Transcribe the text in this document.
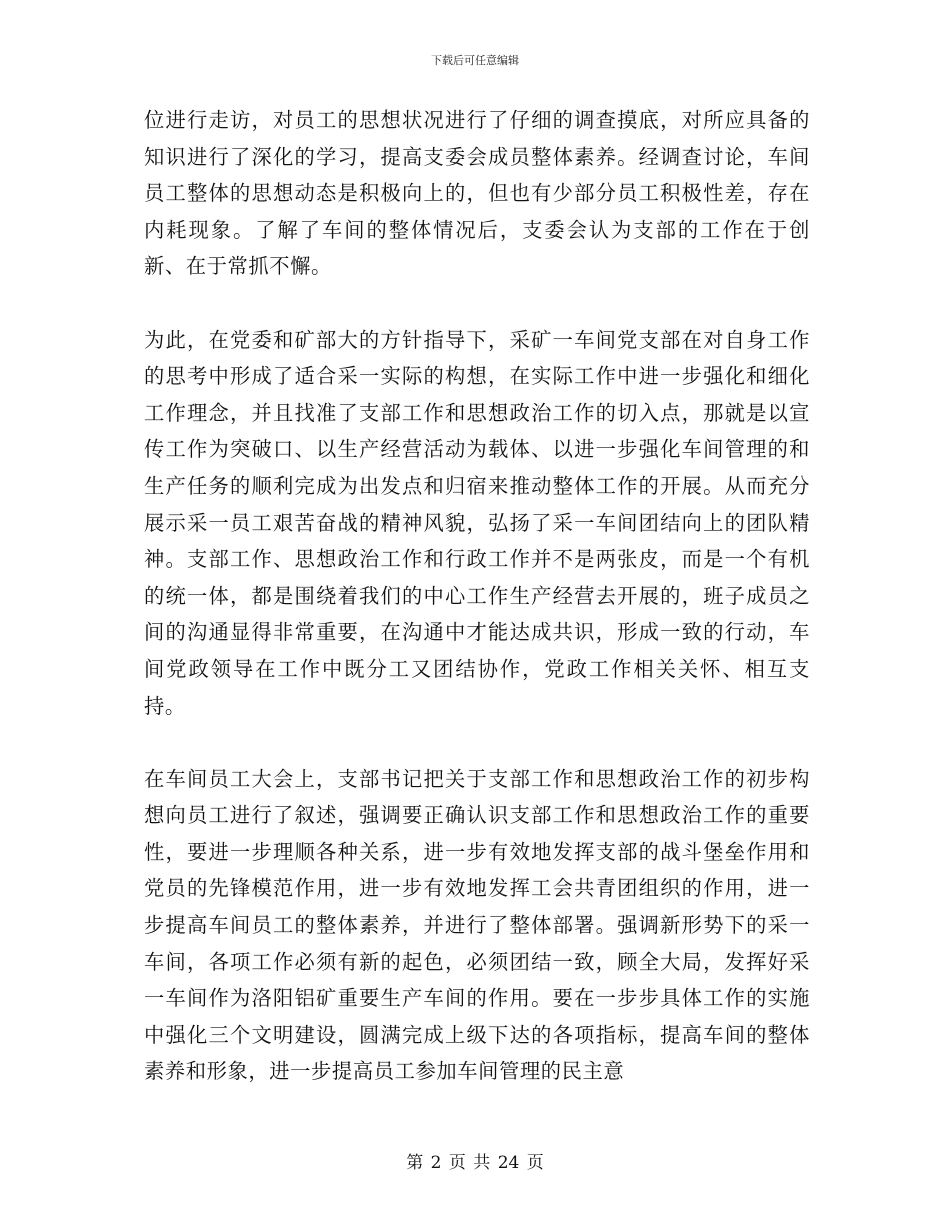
下载后可任意编辑

位进行走访，对员工的思想状况进行了仔细的调查摸底，对所应具备的知识进行了深化的学习，提高支委会成员整体素养。经调查讨论，车间员工整体的思想动态是积极向上的，但也有少部分员工积极性差，存在内耗现象。了解了车间的整体情况后，支委会认为支部的工作在于创新、在于常抓不懈。

为此，在党委和矿部大的方针指导下，采矿一车间党支部在对自身工作的思考中形成了适合采一实际的构想，在实际工作中进一步强化和细化工作理念，并且找准了支部工作和思想政治工作的切入点，那就是以宣传工作为突破口、以生产经营活动为载体、以进一步强化车间管理的和生产任务的顺利完成为出发点和归宿来推动整体工作的开展。从而充分展示采一员工艰苦奋战的精神风貌，弘扬了采一车间团结向上的团队精神。支部工作、思想政治工作和行政工作并不是两张皮，而是一个有机的统一体，都是围绕着我们的中心工作生产经营去开展的，班子成员之间的沟通显得非常重要，在沟通中才能达成共识，形成一致的行动，车间党政领导在工作中既分工又团结协作，党政工作相关关怀、相互支持。

在车间员工大会上，支部书记把关于支部工作和思想政治工作的初步构想向员工进行了叙述，强调要正确认识支部工作和思想政治工作的重要性，要进一步理顺各种关系，进一步有效地发挥支部的战斗堡垒作用和党员的先锋模范作用，进一步有效地发挥工会共青团组织的作用，进一步提高车间员工的整体素养，并进行了整体部署。强调新形势下的采一车间，各项工作必须有新的起色，必须团结一致，顾全大局，发挥好采一车间作为洛阳铝矿重要生产车间的作用。要在一步步具体工作的实施中强化三个文明建设，圆满完成上级下达的各项指标，提高车间的整体素养和形象，进一步提高员工参加车间管理的民主意

第 2 页 共 24 页
